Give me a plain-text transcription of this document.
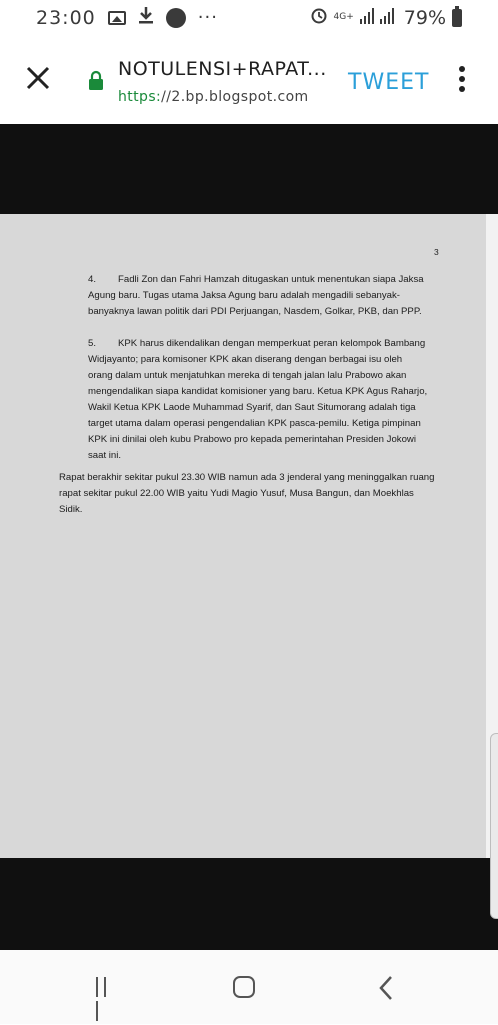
23:00	···	4G+	79%
NOTULENSI+RAPAT...
https://2.bp.blogspot.com
TWEET
3
4.	Fadli Zon dan Fahri Hamzah ditugaskan untuk menentukan siapa Jaksa Agung baru. Tugas utama Jaksa Agung baru adalah mengadili sebanyak-banyaknya lawan politik dari PDI Perjuangan, Nasdem, Golkar, PKB, dan PPP.

5.	KPK harus dikendalikan dengan memperkuat peran kelompok Bambang Widjayanto; para komisoner KPK akan diserang dengan berbagai isu oleh orang dalam untuk menjatuhkan mereka di tengah jalan lalu Prabowo akan mengendalikan siapa kandidat komisioner yang baru. Ketua KPK Agus Raharjo, Wakil Ketua KPK Laode Muhammad Syarif, dan Saut Situmorang adalah tiga target utama dalam operasi pengendalian KPK pasca-pemilu. Ketiga pimpinan KPK ini dinilai oleh kubu Prabowo pro kepada pemerintahan Presiden Jokowi saat ini.

Rapat berakhir sekitar pukul 23.30 WIB namun ada 3 jenderal yang meninggalkan ruang rapat sekitar pukul 22.00 WIB yaitu Yudi Magio Yusuf, Musa Bangun, dan Moekhlas Sidik.
